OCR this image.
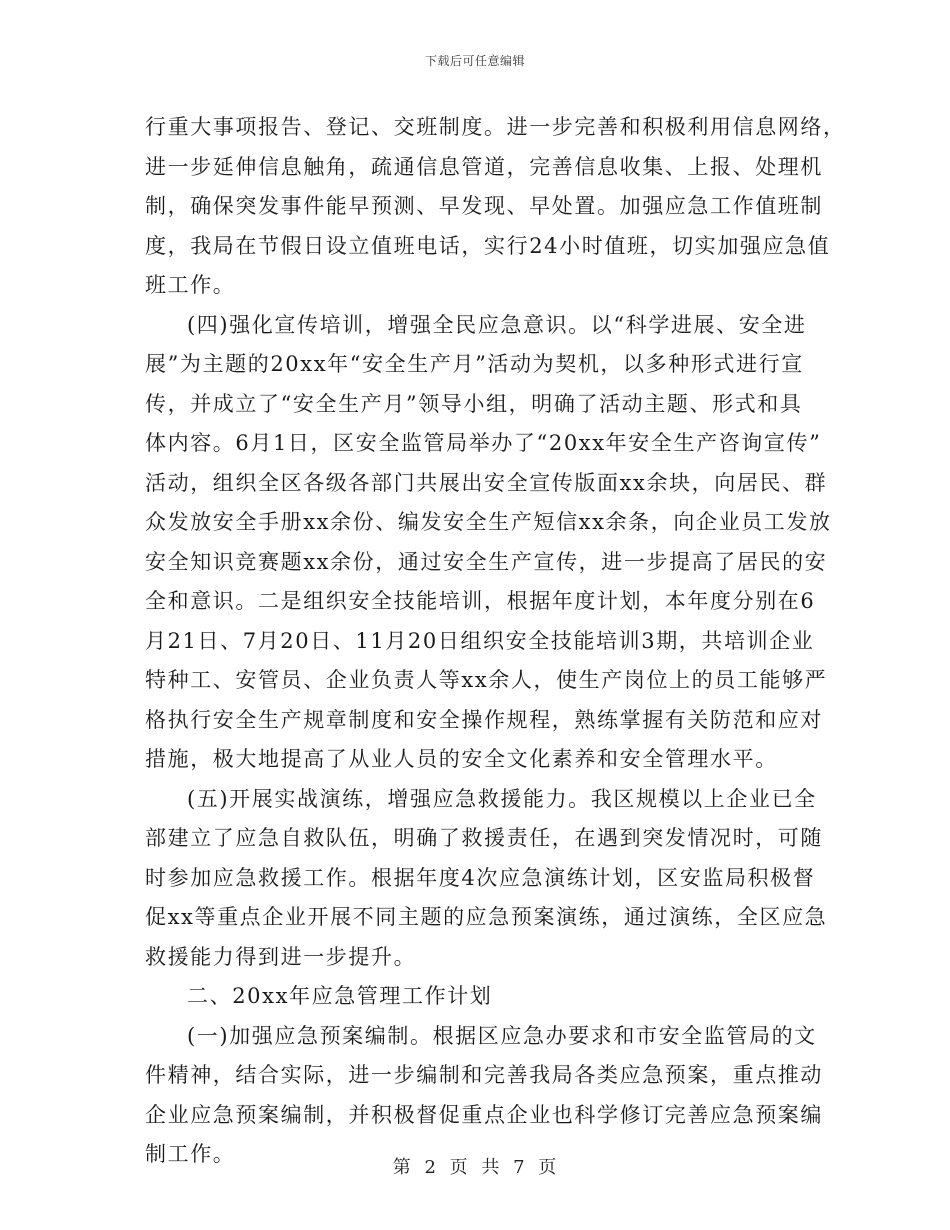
下载后可任意编辑
行重大事项报告、登记、交班制度。进一步完善和积极利用信息网络，
进一步延伸信息触角，疏通信息管道，完善信息收集、上报、处理机
制，确保突发事件能早预测、早发现、早处置。加强应急工作值班制
度，我局在节假日设立值班电话，实行24小时值班，切实加强应急值
班工作。
(四)强化宣传培训，增强全民应急意识。以“科学进展、安全进
展”为主题的20xx年“安全生产月”活动为契机，以多种形式进行宣
传，并成立了“安全生产月”领导小组，明确了活动主题、形式和具
体内容。6月1日，区安全监管局举办了“20xx年安全生产咨询宣传”
活动，组织全区各级各部门共展出安全宣传版面xx余块，向居民、群
众发放安全手册xx余份、编发安全生产短信xx余条，向企业员工发放
安全知识竞赛题xx余份，通过安全生产宣传，进一步提高了居民的安
全和意识。二是组织安全技能培训，根据年度计划，本年度分别在6
月21日、7月20日、11月20日组织安全技能培训3期，共培训企业
特种工、安管员、企业负责人等xx余人，使生产岗位上的员工能够严
格执行安全生产规章制度和安全操作规程，熟练掌握有关防范和应对
措施，极大地提高了从业人员的安全文化素养和安全管理水平。
(五)开展实战演练，增强应急救援能力。我区规模以上企业已全
部建立了应急自救队伍，明确了救援责任，在遇到突发情况时，可随
时参加应急救援工作。根据年度4次应急演练计划，区安监局积极督
促xx等重点企业开展不同主题的应急预案演练，通过演练，全区应急
救援能力得到进一步提升。
二、20xx年应急管理工作计划
(一)加强应急预案编制。根据区应急办要求和市安全监管局的文
件精神，结合实际，进一步编制和完善我局各类应急预案，重点推动
企业应急预案编制，并积极督促重点企业也科学修订完善应急预案编
制工作。
第 2 页 共 7 页
